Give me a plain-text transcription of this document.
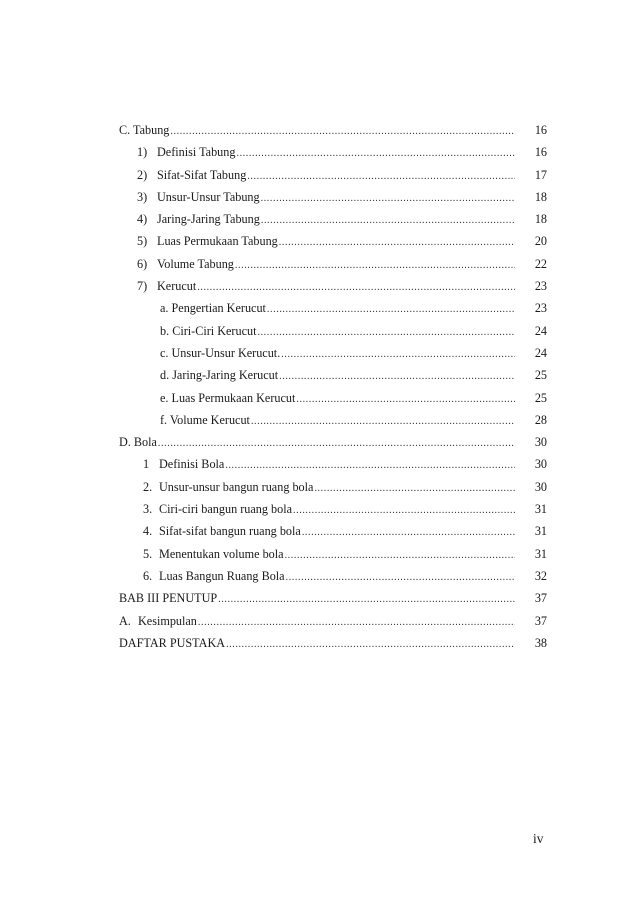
C. Tabung .....	16
1) Definisi Tabung .....	16
2) Sifat-Sifat Tabung .....	17
3) Unsur-Unsur Tabung .....	18
4) Jaring-Jaring Tabung .....	18
5) Luas Permukaan Tabung .....	20
6) Volume Tabung .....	22
7) Kerucut .....	23
a. Pengertian Kerucut .....	23
b. Ciri-Ciri Kerucut .....	24
c. Unsur-Unsur Kerucut. .....	24
d. Jaring-Jaring Kerucut .....	25
e. Luas Permukaan Kerucut .....	25
f. Volume Kerucut .....	28
D. Bola .....	30
1 Definisi Bola .....	30
2. Unsur-unsur bangun ruang bola .....	30
3. Ciri-ciri bangun ruang bola .....	31
4. Sifat-sifat bangun ruang bola .....	31
5. Menentukan volume bola .....	31
6. Luas Bangun Ruang Bola .....	32
BAB III PENUTUP .....	37
A. Kesimpulan .....	37
DAFTAR PUSTAKA .....	38
iv
